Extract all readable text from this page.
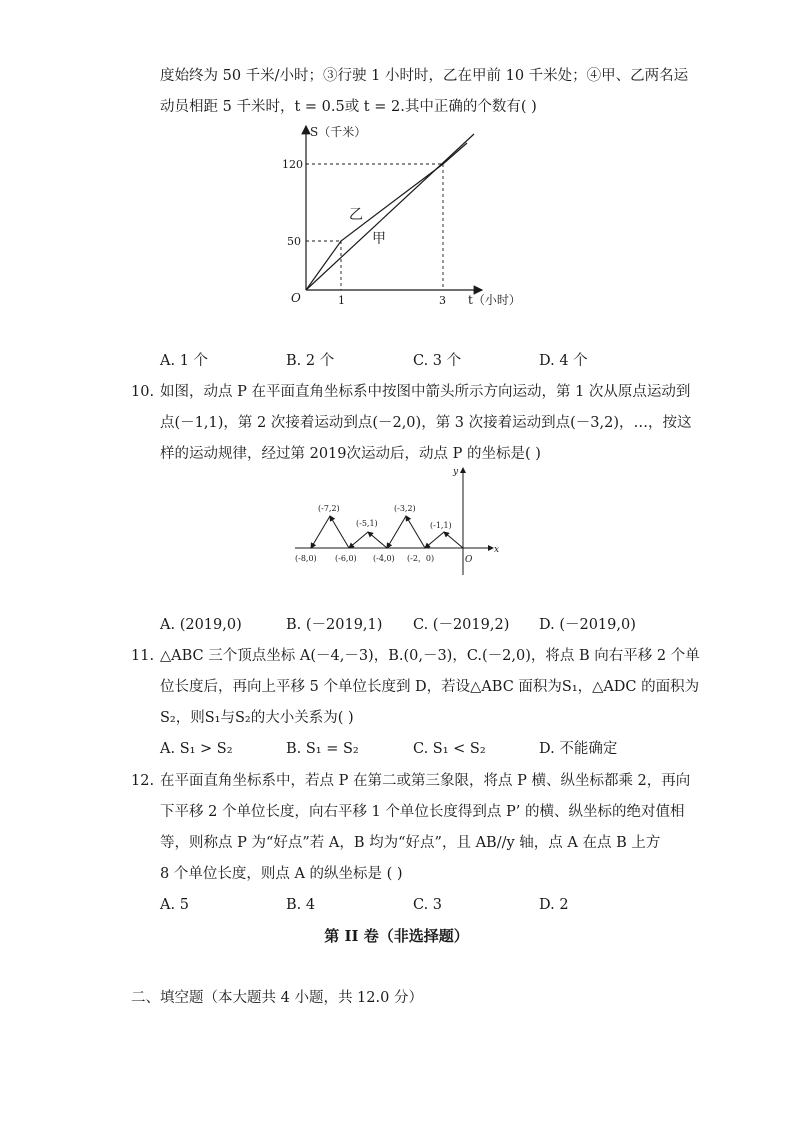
度始终为 50 千米/小时；③行驶 1 小时时，乙在甲前 10 千米处；④甲、乙两名运
动员相距 5 千米时，t = 0.5或 t = 2.其中正确的个数有( )
S（千米）
t（小时）
O
120
50
1	3
乙
甲
A. 1 个	B. 2 个	C. 3 个	D. 4 个
10. 如图，动点 P 在平面直角坐标系中按图中箭头所示方向运动，第 1 次从原点运动到
点(－1,1)，第 2 次接着运动到点(－2,0)，第 3 次接着运动到点(－3,2)，…，按这
样的运动规律，经过第 2019次运动后，动点 P 的坐标是( )
y
x
O
(-7,2)
(-5,1)
(-3,2)
(-1,1)
(-8,0) (-6,0) (-4,0) (-2，0)
A. (2019,0)	B. (－2019,1) C. (－2019,2) D. (－2019,0)
11. △ABC 三个顶点坐标 A(－4,－3)，B.(0,－3)，C.(－2,0)，将点 B 向右平移 2 个单
位长度后，再向上平移 5 个单位长度到 D，若设△ABC 面积为S₁，△ADC 的面积为
S₂，则S₁与S₂的大小关系为( )
A. S₁ > S₂	B. S₁ = S₂	C. S₁ < S₂	D. 不能确定
12. 在平面直角坐标系中，若点 P 在第二或第三象限，将点 P 横、纵坐标都乘 2，再向
下平移 2 个单位长度，向右平移 1 个单位长度得到点 P’ 的横、纵坐标的绝对值相
等，则称点 P 为“好点”若 A，B 均为“好点”，且 AB//y 轴，点 A 在点 B 上方
8 个单位长度，则点 A 的纵坐标是 ( )
A. 5	B. 4	C. 3	D. 2
第 II 卷（非选择题）
二、填空题（本大题共 4 小题，共 12.0 分）
